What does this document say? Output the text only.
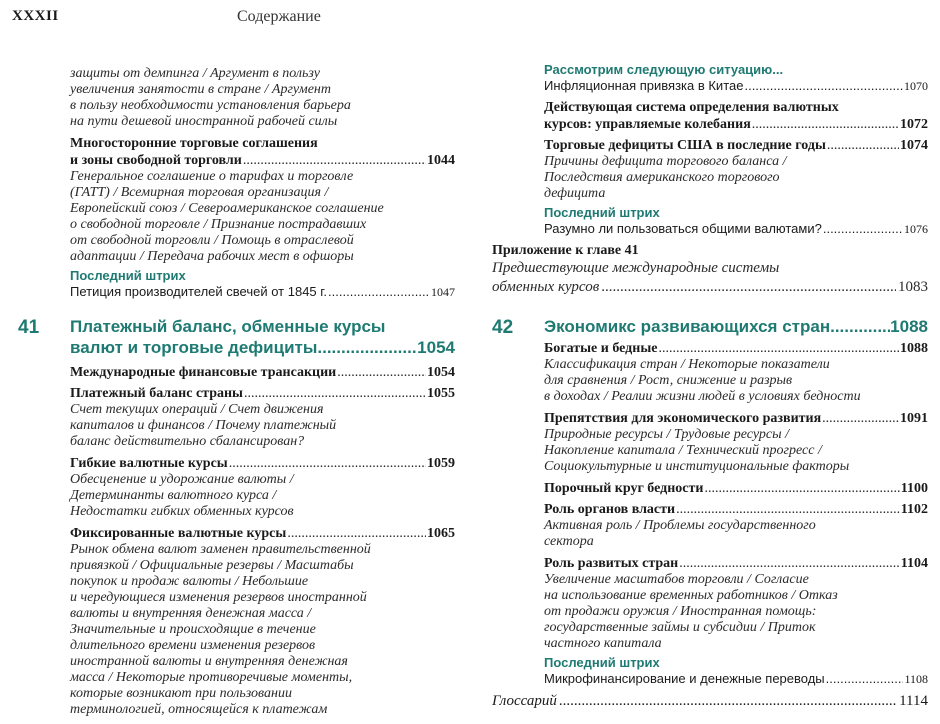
XXXII	Содержание
защиты от демпинга / Аргумент в пользу
увеличения занятости в стране / Аргумент
в пользу необходимости установления барьера
на пути дешевой иностранной рабочей силы
Многосторонние торговые соглашения
и зоны свободной торговли .....	1044
Генеральное соглашение о тарифах и торговле
(ГАТТ) / Всемирная торговая организация /
Европейский союз / Североамериканское соглашение
о свободной торговле / Признание пострадавших
от свободной торговли / Помощь в отраслевой
адаптации / Передача рабочих мест в офшоры
Последний штрих
Петиция производителей свечей от 1845 г. .....	1047
41 Платежный баланс, обменные курсы
валют и торговые дефициты .....	1054
Международные финансовые трансакции .....	1054
Платежный баланс страны .....	1055
Счет текущих операций / Счет движения
капиталов и финансов / Почему платежный
баланс действительно сбалансирован?
Гибкие валютные курсы .....	1059
Обесценение и удорожание валюты /
Детерминанты валютного курса /
Недостатки гибких обменных курсов
Фиксированные валютные курсы .....	1065
Рынок обмена валют заменен правительственной
привязкой / Официальные резервы / Масштабы
покупок и продаж валюты / Небольшие
и чередующиеся изменения резервов иностранной
валюты и внутренняя денежная масса /
Значительные и происходящие в течение
длительного времени изменения резервов
иностранной валюты и внутренняя денежная
масса / Некоторые противоречивые моменты,
которые возникают при пользовании
терминологией, относящейся к платежам
Рассмотрим следующую ситуацию...
Инфляционная привязка в Китае .....	1070
Действующая система определения валютных
курсов: управляемые колебания .....	1072
Торговые дефициты США в последние годы .....	1074
Причины дефицита торгового баланса /
Последствия американского торгового
дефицита
Последний штрих
Разумно ли пользоваться общими валютами? .....	1076
Приложение к главе 41
Предшествующие международные системы
обменных курсов .....	1083
42 Экономикс развивающихся стран .....	1088
Богатые и бедные .....	1088
Классификация стран / Некоторые показатели
для сравнения / Рост, снижение и разрыв
в доходах / Реалии жизни людей в условиях бедности
Препятствия для экономического развития .....	1091
Природные ресурсы / Трудовые ресурсы /
Накопление капитала / Технический прогресс /
Социокультурные и институциональные факторы
Порочный круг бедности .....	1100
Роль органов власти .....	1102
Активная роль / Проблемы государственного
сектора
Роль развитых стран .....	1104
Увеличение масштабов торговли / Согласие
на использование временных работников / Отказ
от продажи оружия / Иностранная помощь:
государственные займы и субсидии / Приток
частного капитала
Последний штрих
Микрофинансирование и денежные переводы .....	1108
Глоссарий .....	1114
